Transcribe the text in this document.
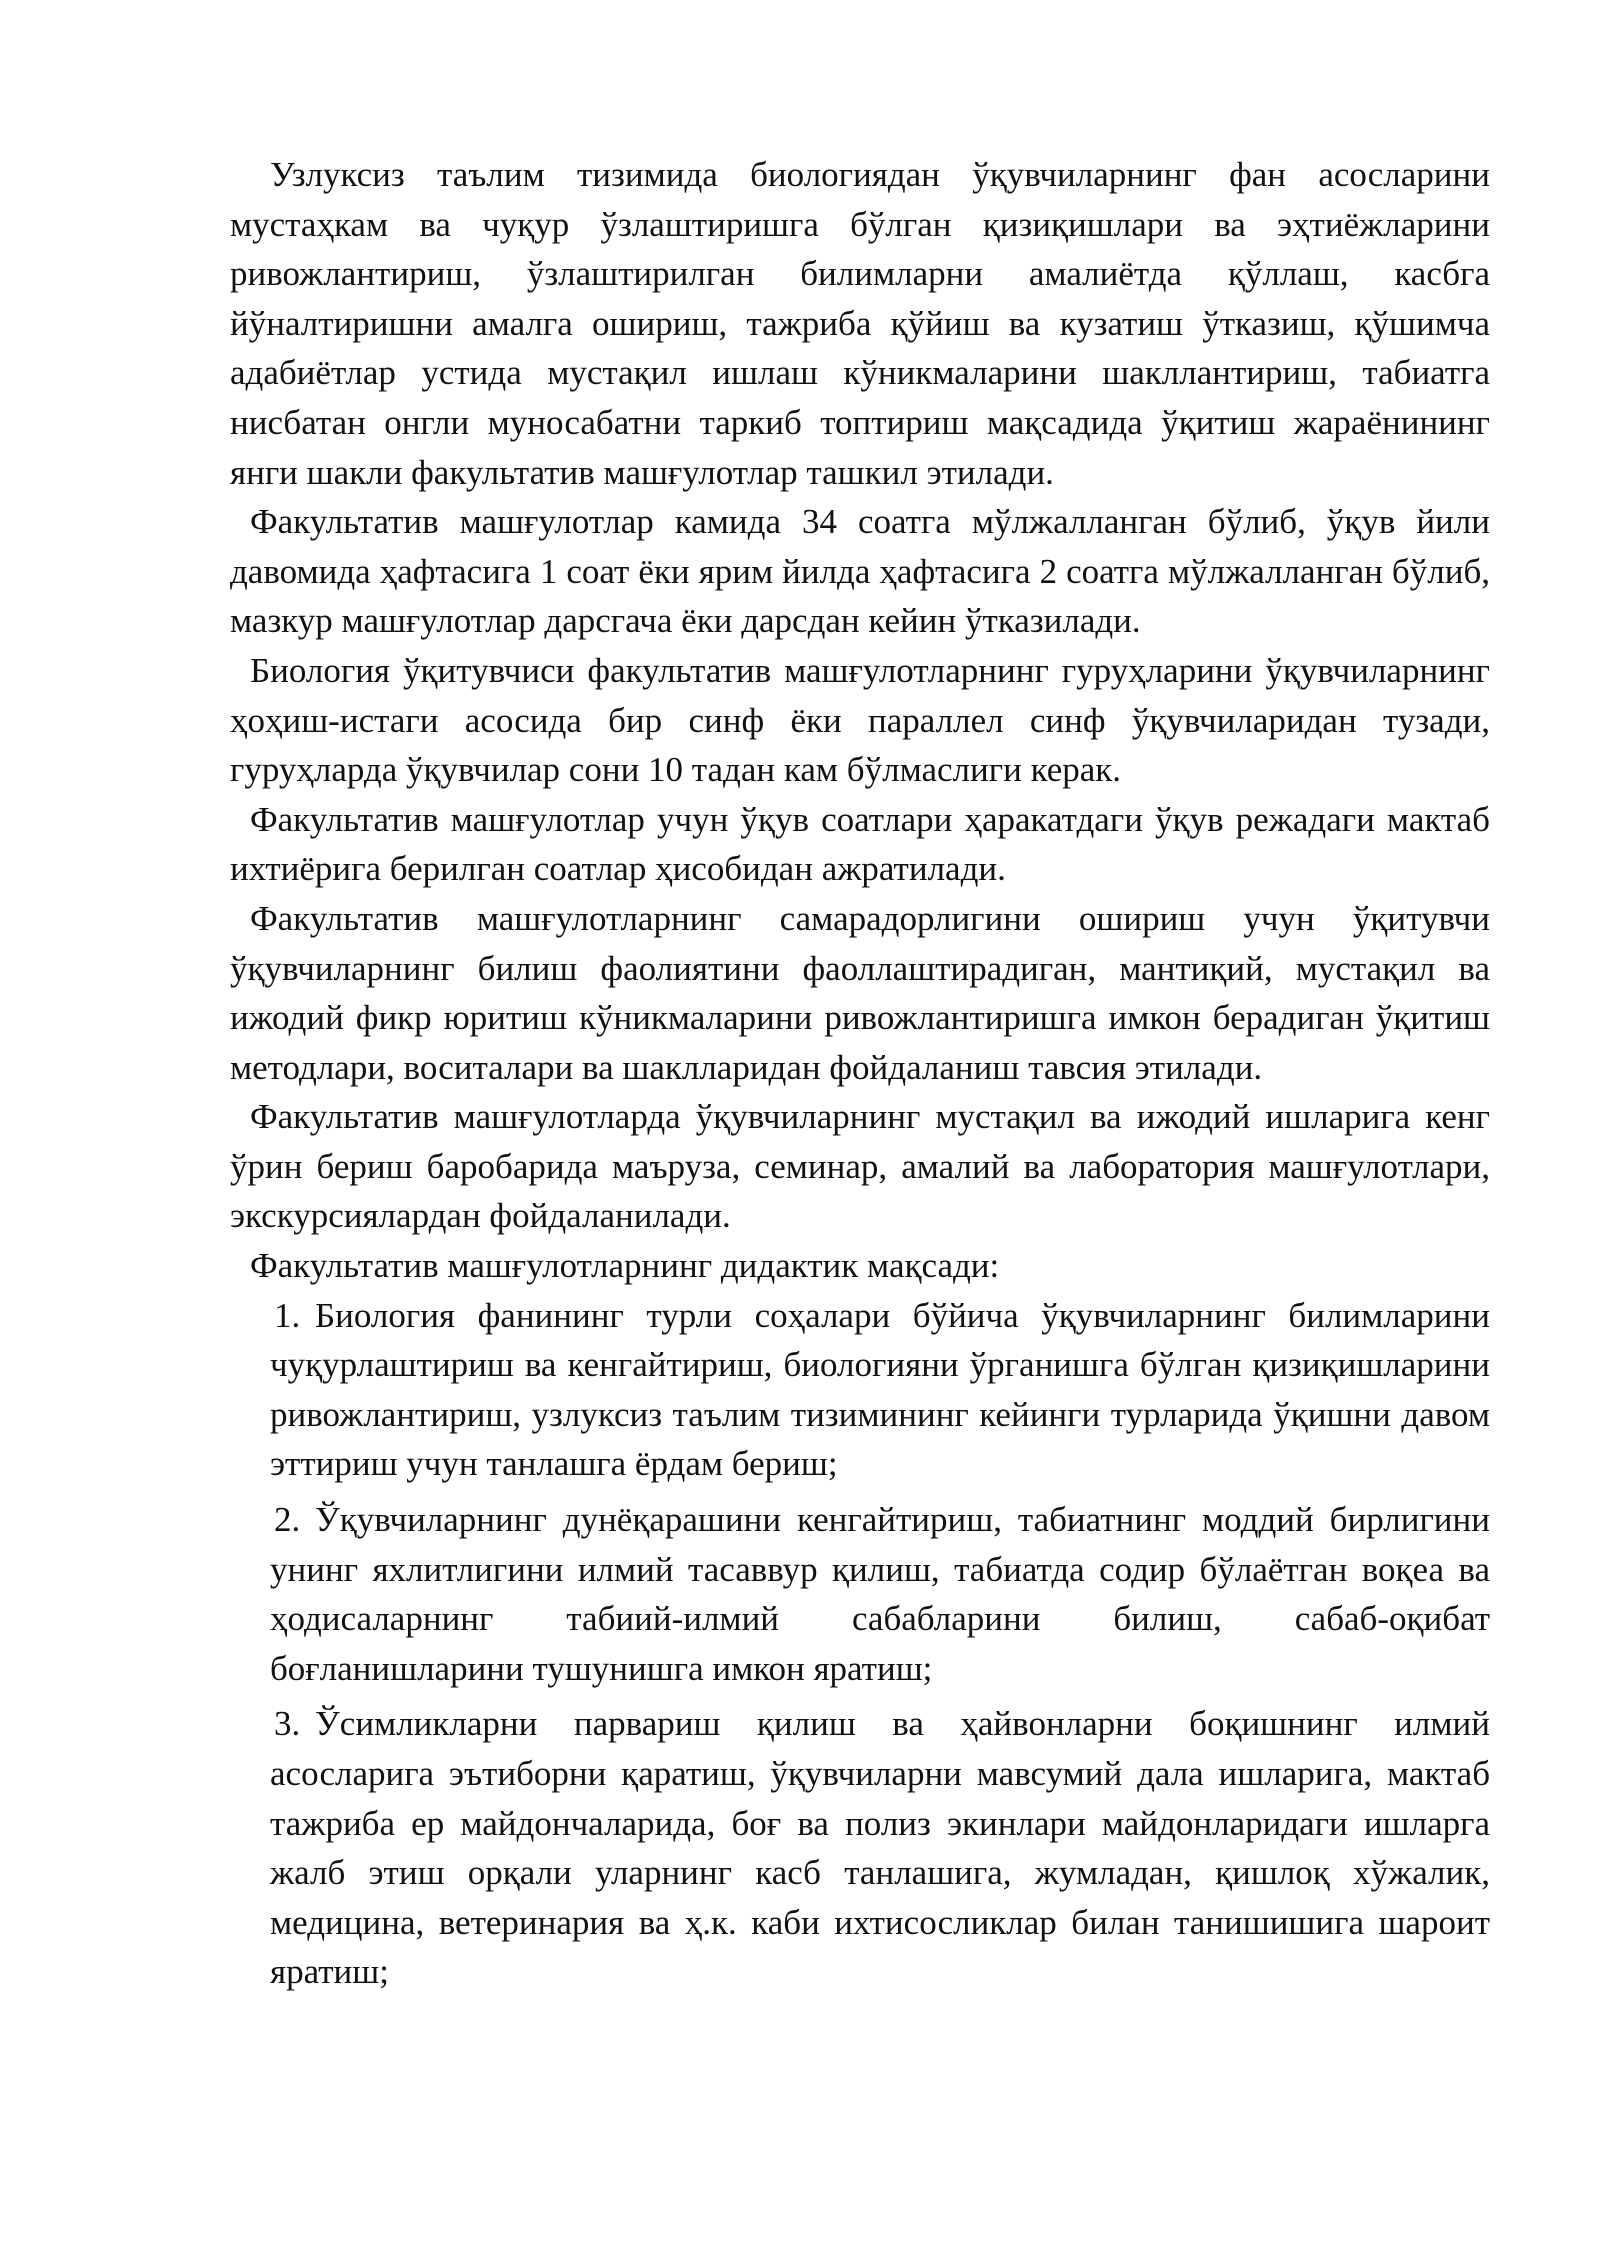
Узлуксиз таълим тизимида биологиядан ўқувчиларнинг фан асосларини мустаҳкам ва чуқур ўзлаштиришга бўлган қизиқишлари ва эҳтиёжларини ривожлантириш, ўзлаштирилган билимларни амалиётда қўллаш, касбга йўналтиришни амалга ошириш, тажриба қўйиш ва кузатиш ўтказиш, қўшимча адабиётлар устида мустақил ишлаш кўникмаларини шакллантириш, табиатга нисбатан онгли муносабатни таркиб топтириш мақсадида ўқитиш жараёнининг янги шакли факультатив машғулотлар ташкил этилади.

Факультатив машғулотлар камида 34 соатга мўлжалланган бўлиб, ўқув йили давомида ҳафтасига 1 соат ёки ярим йилда ҳафтасига 2 соатга мўлжалланган бўлиб, мазкур машғулотлар дарсгача ёки дарсдан кейин ўтказилади.

Биология ўқитувчиси факультатив машғулотларнинг гуруҳларини ўқувчиларнинг ҳоҳиш-истаги асосида бир синф ёки параллел синф ўқувчиларидан тузади, гуруҳларда ўқувчилар сони 10 тадан кам бўлмаслиги керак.

Факультатив машғулотлар учун ўқув соатлари ҳаракатдаги ўқув режадаги мактаб ихтиёрига берилган соатлар ҳисобидан ажратилади.

Факультатив машғулотларнинг самарадорлигини ошириш учун ўқитувчи ўқувчиларнинг билиш фаолиятини фаоллаштирадиган, мантиқий, мустақил ва ижодий фикр юритиш кўникмаларини ривожлантиришга имкон берадиган ўқитиш методлари, воситалари ва шаклларидан фойдаланиш тавсия этилади.

Факультатив машғулотларда ўқувчиларнинг мустақил ва ижодий ишларига кенг ўрин бериш баробарида маъруза, семинар, амалий ва лаборатория машғулотлари, экскурсиялардан фойдаланилади.

Факультатив машғулотларнинг дидактик мақсади:

1. Биология фанининг турли соҳалари бўйича ўқувчиларнинг билимларини чуқурлаштириш ва кенгайтириш, биологияни ўрганишга бўлган қизиқишларини ривожлантириш, узлуксиз таълим тизимининг кейинги турларида ўқишни давом эттириш учун танлашга ёрдам бериш;
2. Ўқувчиларнинг дунёқарашини кенгайтириш, табиатнинг моддий бирлигини унинг яхлитлигини илмий тасаввур қилиш, табиатда содир бўлаётган воқеа ва ҳодисаларнинг табиий-илмий сабабларини билиш, сабаб-оқибат боғланишларини тушунишга имкон яратиш;
3. Ўсимликларни парвариш қилиш ва ҳайвонларни боқишнинг илмий асосларига эътиборни қаратиш, ўқувчиларни мавсумий дала ишларига, мактаб тажриба ер майдончаларида, боғ ва полиз экинлари майдонларидаги ишларга жалб этиш орқали уларнинг касб танлашига, жумладан, қишлоқ хўжалик, медицина, ветеринария ва ҳ.к. каби ихтисосликлар билан танишишига шароит яратиш;
